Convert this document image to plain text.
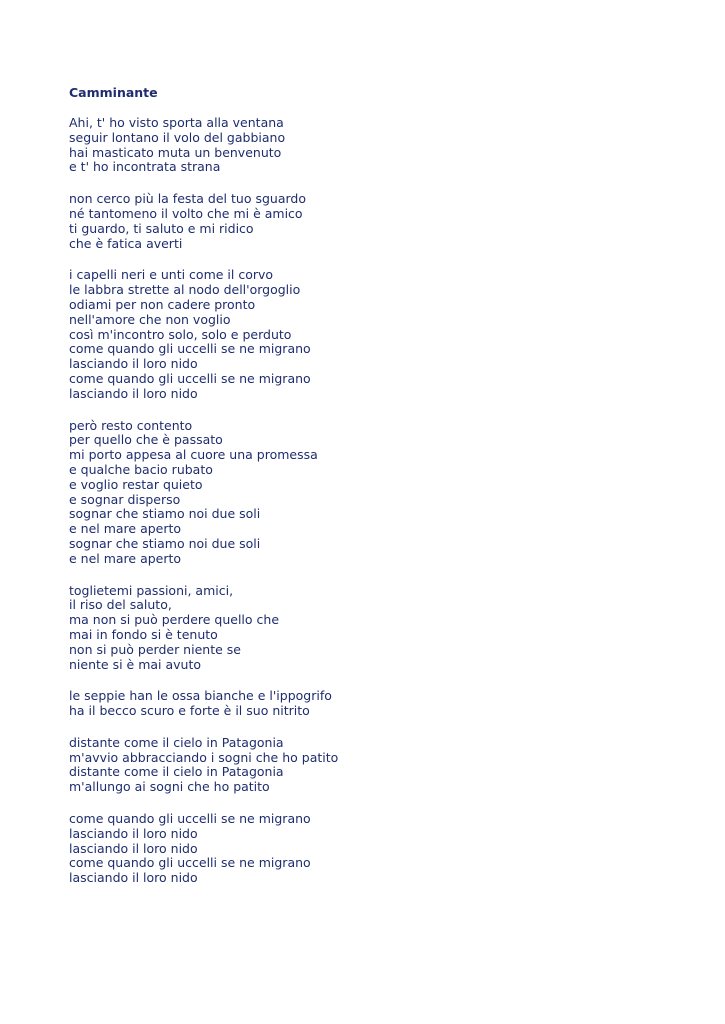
Camminante
Ahi, t' ho visto sporta alla ventana
seguir lontano il volo del gabbiano
hai masticato muta un benvenuto
e t' ho incontrata strana
non cerco più la festa del tuo sguardo
né tantomeno il volto che mi è amico
ti guardo, ti saluto e mi ridico
che è fatica averti
i capelli neri e unti come il corvo
le labbra strette al nodo dell'orgoglio
odiami per non cadere pronto
nell'amore che non voglio
così m'incontro solo, solo e perduto
come quando gli uccelli se ne migrano
lasciando il loro nido
come quando gli uccelli se ne migrano
lasciando il loro nido
però resto contento
per quello che è passato
mi porto appesa al cuore una promessa
e qualche bacio rubato
e voglio restar quieto
e sognar disperso
sognar che stiamo noi due soli
e nel mare aperto
sognar che stiamo noi due soli
e nel mare aperto
toglietemi passioni, amici,
il riso del saluto,
ma non si può perdere quello che
mai in fondo si è tenuto
non si può perder niente se
niente si è mai avuto
le seppie han le ossa bianche e l'ippogrifo
ha il becco scuro e forte è il suo nitrito
distante come il cielo in Patagonia
m'avvio abbracciando i sogni che ho patito
distante come il cielo in Patagonia
m'allungo ai sogni che ho patito
come quando gli uccelli se ne migrano
lasciando il loro nido
lasciando il loro nido
come quando gli uccelli se ne migrano
lasciando il loro nido
